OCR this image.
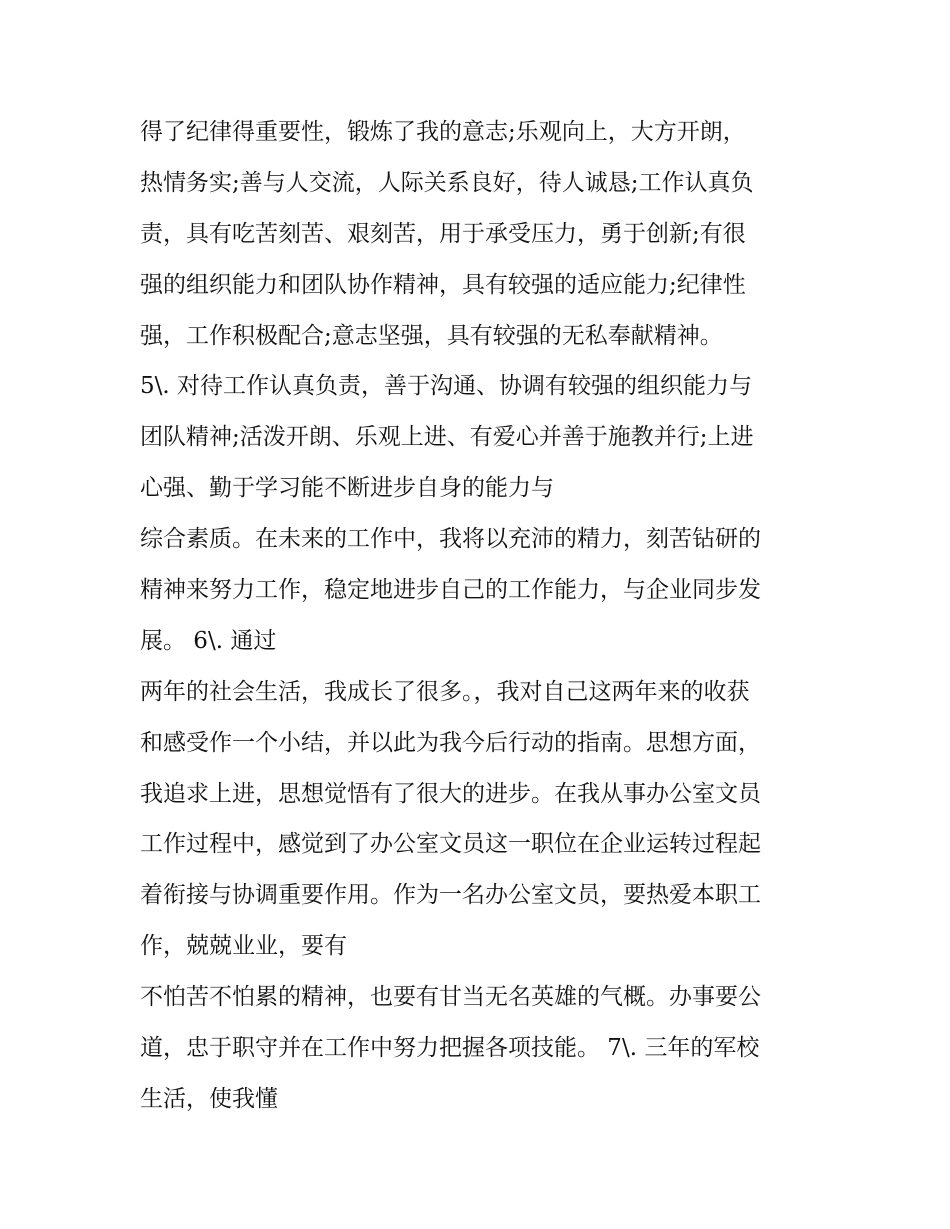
得了纪律得重要性，锻炼了我的意志;乐观向上，大方开朗，
热情务实;善与人交流，人际关系良好，待人诚恳;工作认真负
责，具有吃苦刻苦、艰刻苦，用于承受压力，勇于创新;有很
强的组织能力和团队协作精神，具有较强的适应能力;纪律性
强，工作积极配合;意志坚强，具有较强的无私奉献精神。
5\. 对待工作认真负责，善于沟通、协调有较强的组织能力与
团队精神;活泼开朗、乐观上进、有爱心并善于施教并行;上进
心强、勤于学习能不断进步自身的能力与
综合素质。在未来的工作中，我将以充沛的精力，刻苦钻研的
精神来努力工作，稳定地进步自己的工作能力，与企业同步发
展。 6\. 通过
两年的社会生活，我成长了很多。，我对自己这两年来的收获
和感受作一个小结，并以此为我今后行动的指南。思想方面，
我追求上进，思想觉悟有了很大的进步。在我从事办公室文员
工作过程中，感觉到了办公室文员这一职位在企业运转过程起
着衔接与协调重要作用。作为一名办公室文员，要热爱本职工
作，兢兢业业，要有
不怕苦不怕累的精神，也要有甘当无名英雄的气概。办事要公
道，忠于职守并在工作中努力把握各项技能。 7\. 三年的军校
生活，使我懂
